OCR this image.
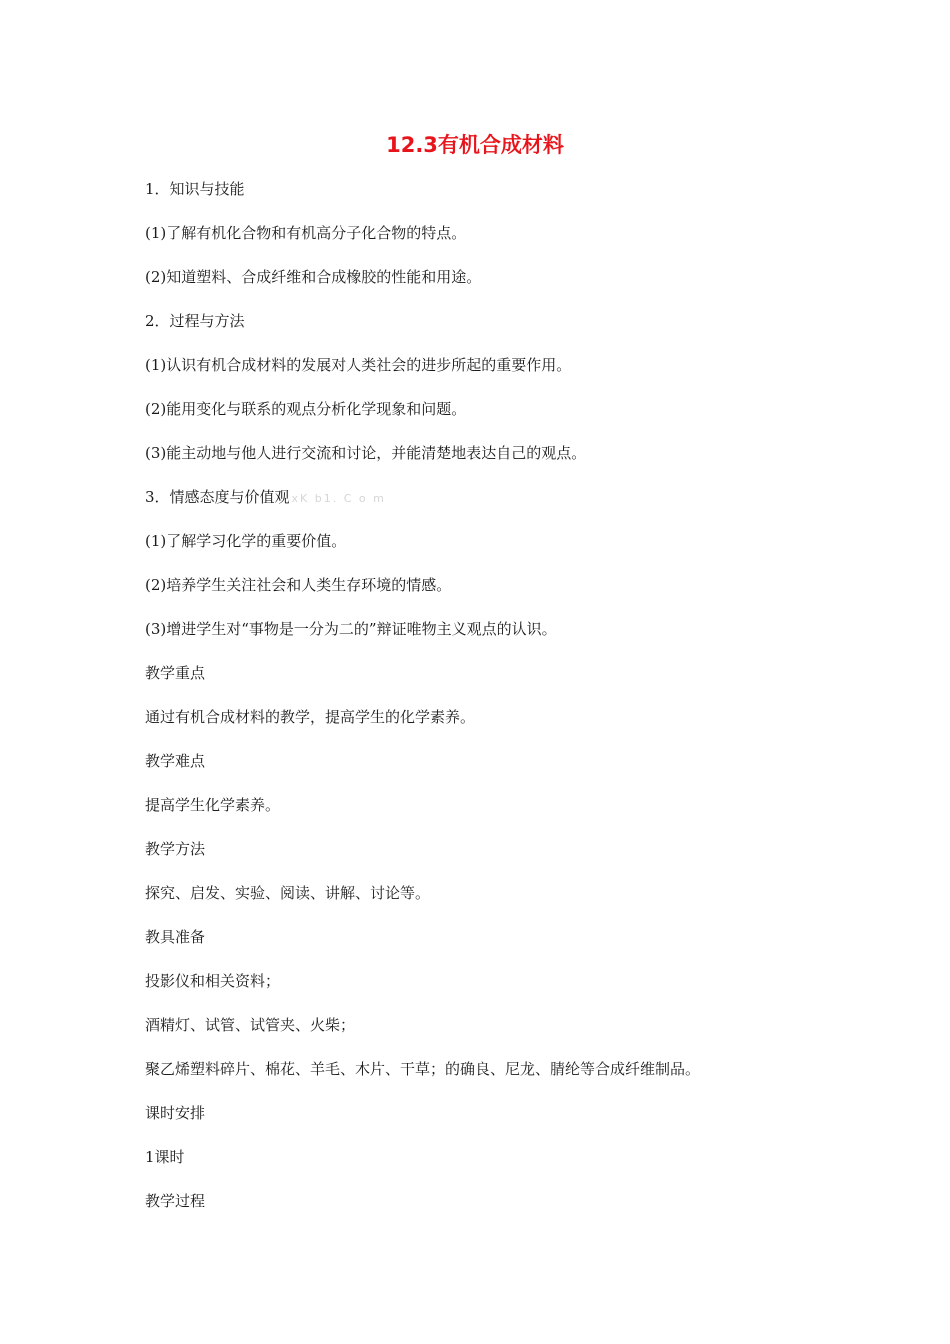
12.3有机合成材料
1．知识与技能
(1)了解有机化合物和有机高分子化合物的特点。
(2)知道塑料、合成纤维和合成橡胶的性能和用途。
2．过程与方法
(1)认识有机合成材料的发展对人类社会的进步所起的重要作用。
(2)能用变化与联系的观点分析化学现象和问题。
(3)能主动地与他人进行交流和讨论，并能清楚地表达自己的观点。
3．情感态度与价值观 xK b1. C o m
(1)了解学习化学的重要价值。
(2)培养学生关注社会和人类生存环境的情感。
(3)增进学生对“事物是一分为二的”辩证唯物主义观点的认识。
教学重点
通过有机合成材料的教学，提高学生的化学素养。
教学难点
提高学生化学素养。
教学方法
探究、启发、实验、阅读、讲解、讨论等。
教具准备
投影仪和相关资料；
酒精灯、试管、试管夹、火柴；
聚乙烯塑料碎片、棉花、羊毛、木片、干草；的确良、尼龙、腈纶等合成纤维制品。
课时安排
1课时
教学过程
